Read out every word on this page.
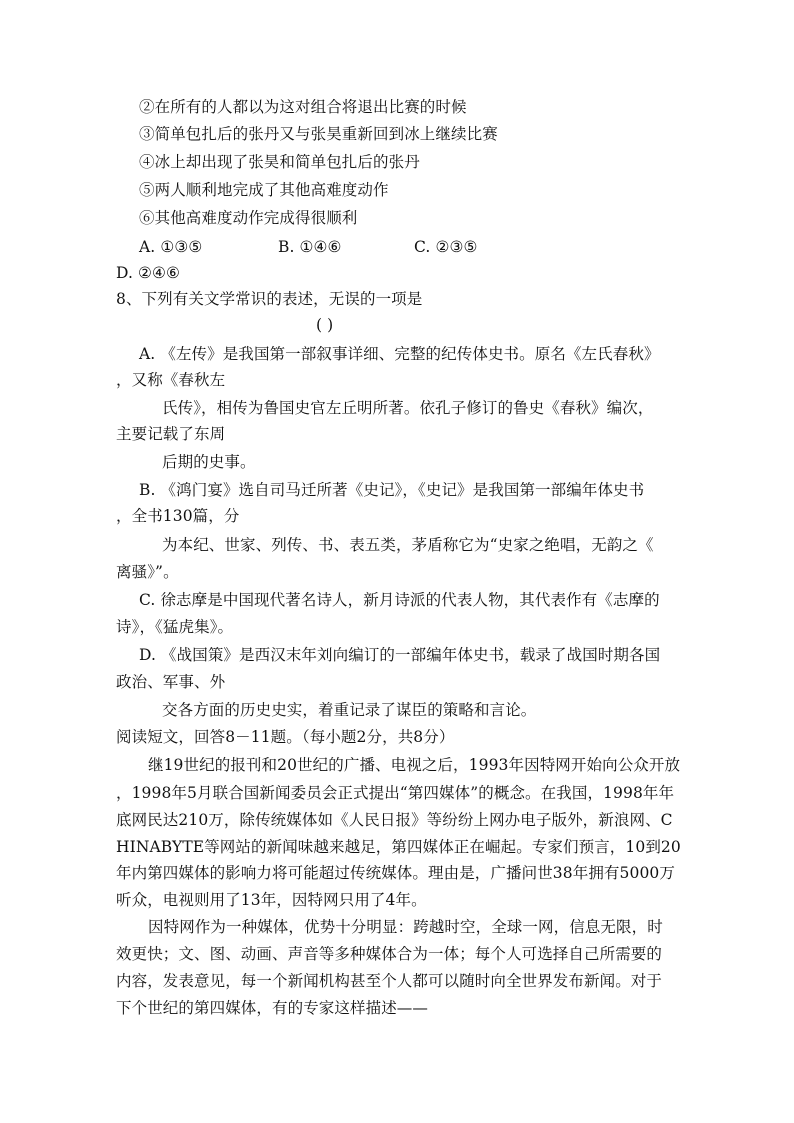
②在所有的人都以为这对组合将退出比赛的时候
③简单包扎后的张丹又与张昊重新回到冰上继续比赛
④冰上却出现了张昊和简单包扎后的张丹
⑤两人顺利地完成了其他高难度动作
⑥其他高难度动作完成得很顺利
A. ①③⑤	B. ①④⑥	C. ②③⑤
D. ②④⑥
8、下列有关文学常识的表述，无误的一项是
( )
A. 《左传》是我国第一部叙事详细、完整的纪传体史书。原名《左氏春秋》
，又称《春秋左
氏传》，相传为鲁国史官左丘明所著。依孔子修订的鲁史《春秋》编次，
主要记载了东周
后期的史事。
B. 《鸿门宴》选自司马迁所著《史记》，《史记》是我国第一部编年体史书
，全书130篇，分
为本纪、世家、列传、书、表五类，茅盾称它为“史家之绝唱，无韵之《
离骚》”。
C. 徐志摩是中国现代著名诗人，新月诗派的代表人物，其代表作有《志摩的
诗》，《猛虎集》。
D. 《战国策》是西汉末年刘向编订的一部编年体史书，载录了战国时期各国
政治、军事、外
交各方面的历史史实，着重记录了谋臣的策略和言论。
阅读短文，回答8－11题。（每小题2分，共8分）
继19世纪的报刊和20世纪的广播、电视之后，1993年因特网开始向公众开放
，1998年5月联合国新闻委员会正式提出“第四媒体”的概念。在我国，1998年年
底网民达210万，除传统媒体如《人民日报》等纷纷上网办电子版外，新浪网、C
HINABYTE等网站的新闻味越来越足，第四媒体正在崛起。专家们预言，10到20
年内第四媒体的影响力将可能超过传统媒体。理由是，广播问世38年拥有5000万
听众，电视则用了13年，因特网只用了4年。
因特网作为一种媒体，优势十分明显：跨越时空，全球一网，信息无限，时
效更快；文、图、动画、声音等多种媒体合为一体；每个人可选择自己所需要的
内容，发表意见，每一个新闻机构甚至个人都可以随时向全世界发布新闻。对于
下个世纪的第四媒体，有的专家这样描述——
